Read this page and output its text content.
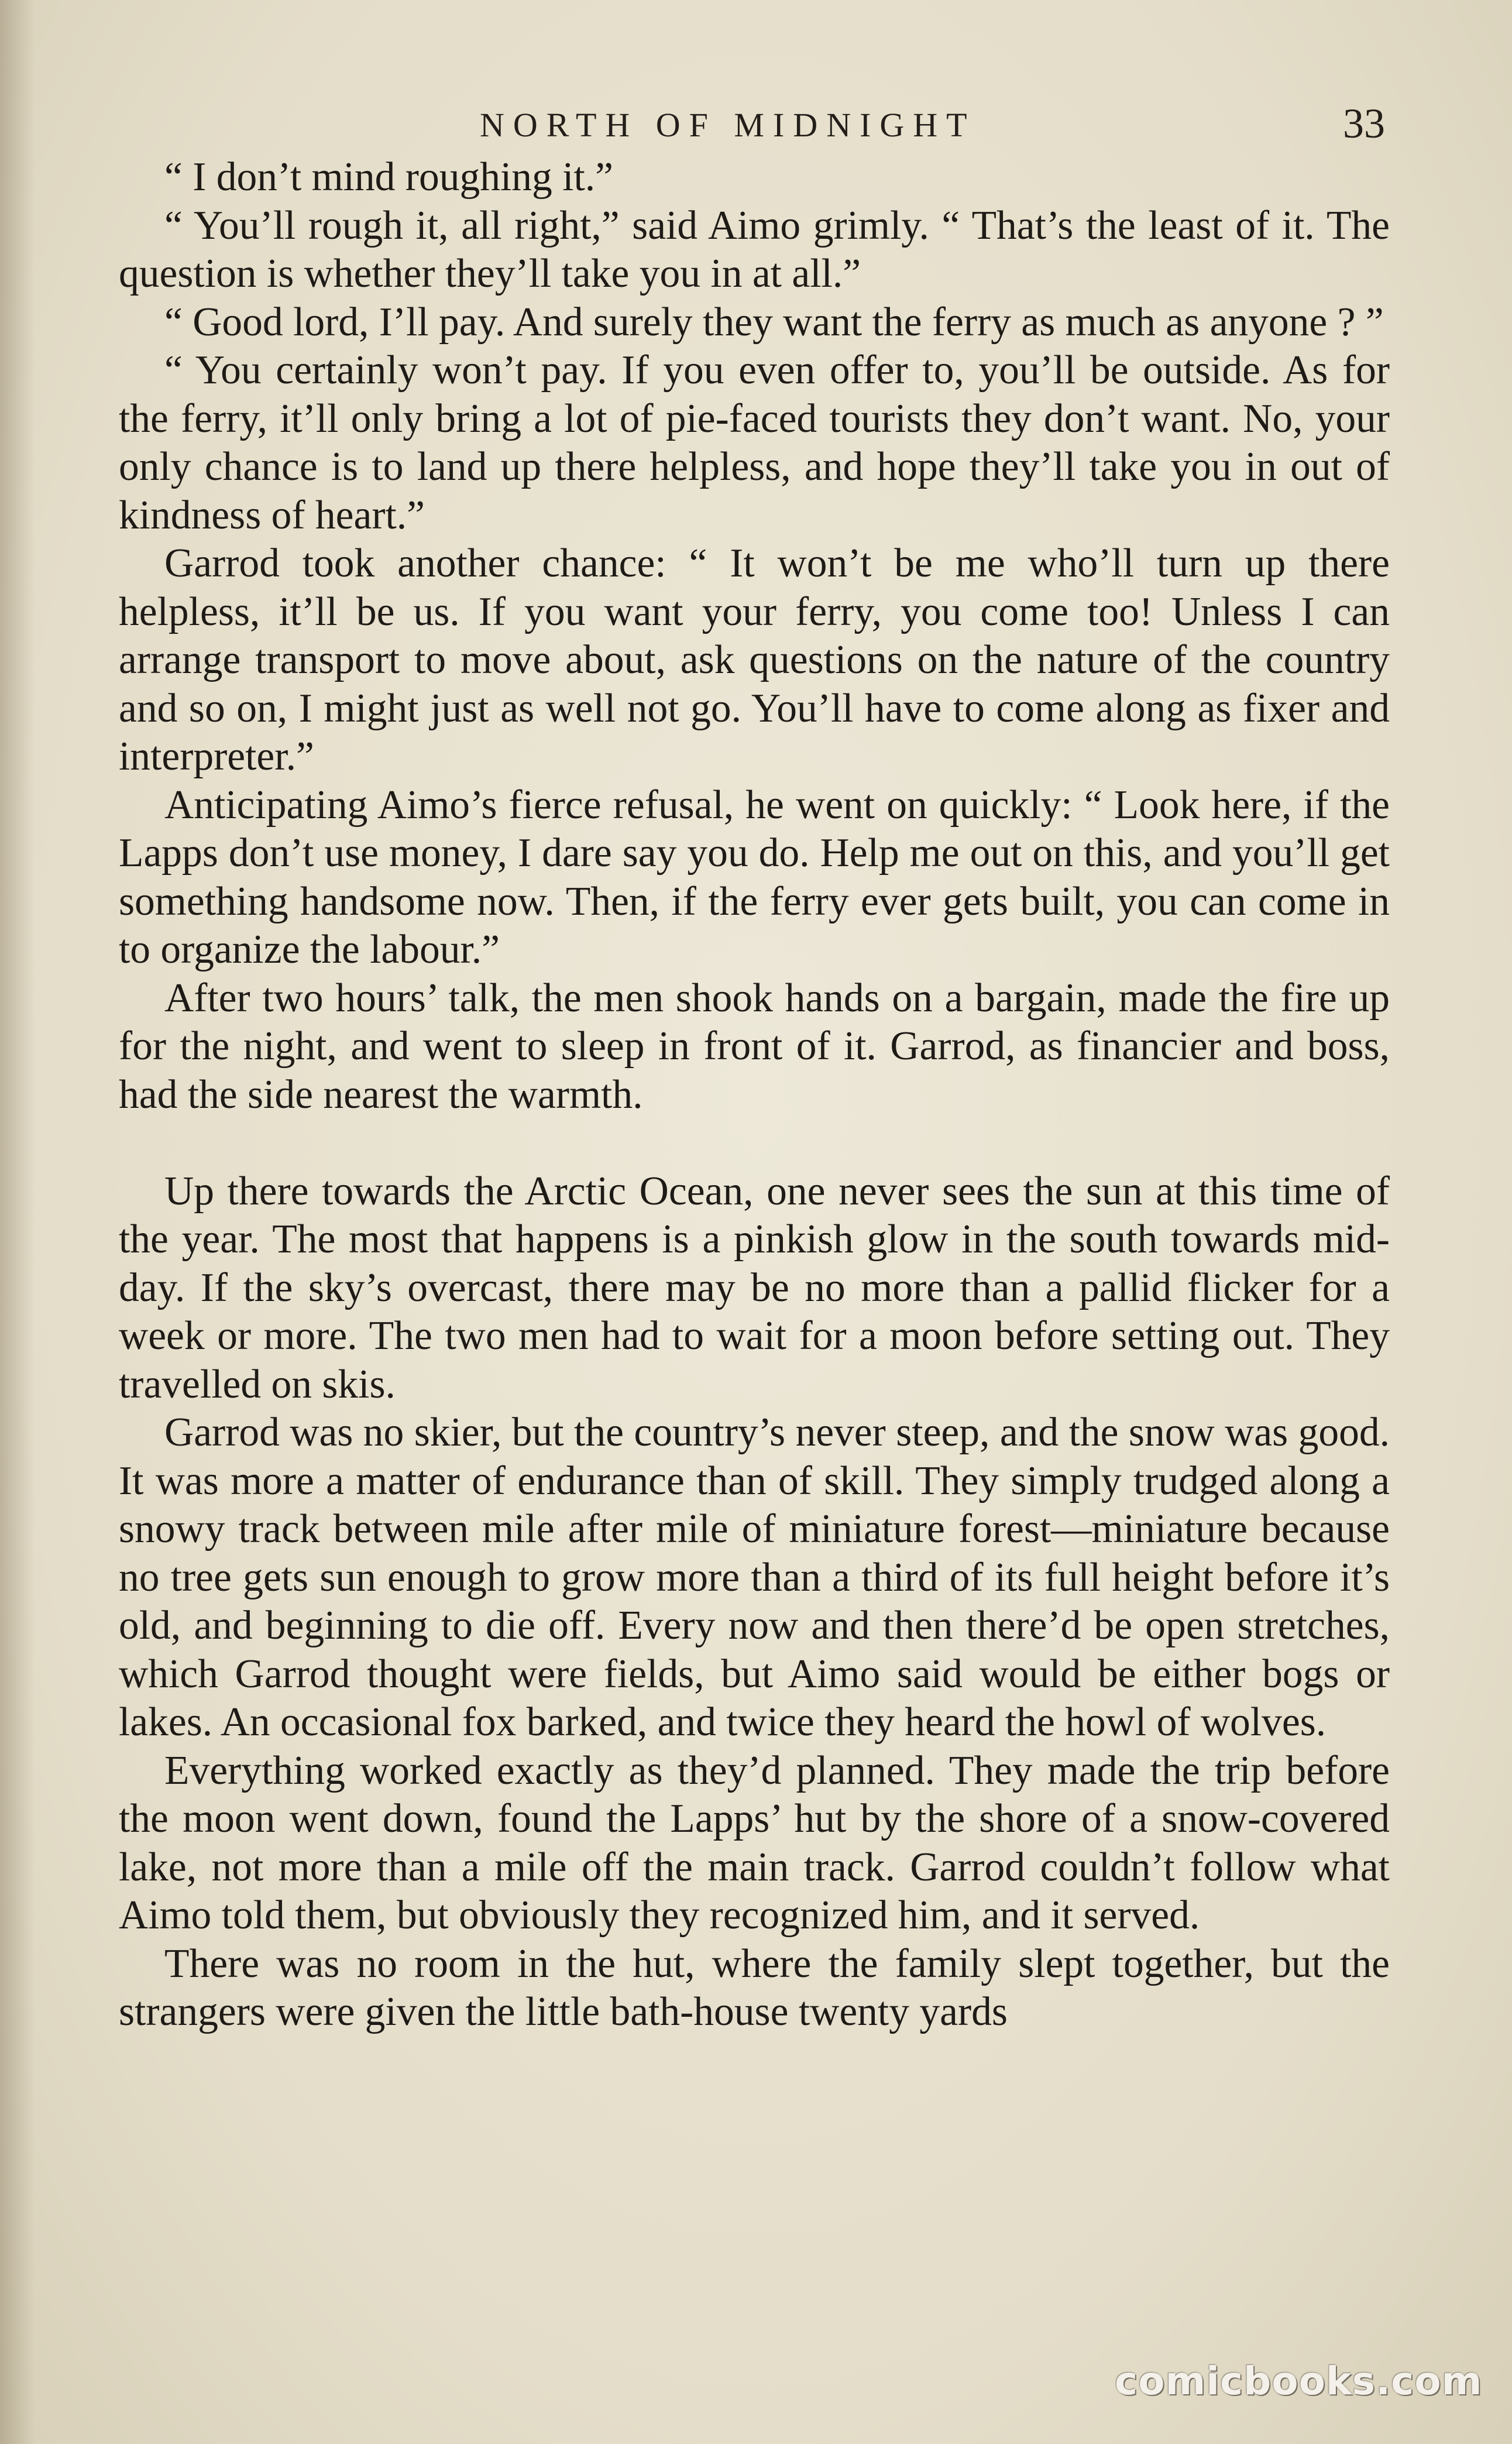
NORTH OF MIDNIGHT	33

“ I don’t mind roughing it.”

“ You’ll rough it, all right,” said Aimo grimly. “ That’s the least of it. The question is whether they’ll take you in at all.”

“ Good lord, I’ll pay. And surely they want the ferry as much as anyone ? ”

“ You certainly won’t pay. If you even offer to, you’ll be outside. As for the ferry, it’ll only bring a lot of pie-faced tourists they don’t want. No, your only chance is to land up there helpless, and hope they’ll take you in out of kindness of heart.”

Garrod took another chance: “ It won’t be me who’ll turn up there helpless, it’ll be us. If you want your ferry, you come too! Unless I can arrange transport to move about, ask questions on the nature of the country and so on, I might just as well not go. You’ll have to come along as fixer and interpreter.”

Anticipating Aimo’s fierce refusal, he went on quickly: “ Look here, if the Lapps don’t use money, I dare say you do. Help me out on this, and you’ll get something handsome now. Then, if the ferry ever gets built, you can come in to organize the labour.”

After two hours’ talk, the men shook hands on a bargain, made the fire up for the night, and went to sleep in front of it. Garrod, as financier and boss, had the side nearest the warmth.

Up there towards the Arctic Ocean, one never sees the sun at this time of the year. The most that happens is a pinkish glow in the south towards mid-day. If the sky’s overcast, there may be no more than a pallid flicker for a week or more. The two men had to wait for a moon before setting out. They travelled on skis.

Garrod was no skier, but the country’s never steep, and the snow was good. It was more a matter of endurance than of skill. They simply trudged along a snowy track between mile after mile of miniature forest—miniature because no tree gets sun enough to grow more than a third of its full height before it’s old, and beginning to die off. Every now and then there’d be open stretches, which Garrod thought were fields, but Aimo said would be either bogs or lakes. An occasional fox barked, and twice they heard the howl of wolves.

Everything worked exactly as they’d planned. They made the trip before the moon went down, found the Lapps’ hut by the shore of a snow-covered lake, not more than a mile off the main track. Garrod couldn’t follow what Aimo told them, but obviously they recognized him, and it served.

There was no room in the hut, where the family slept together, but the strangers were given the little bath-house twenty yards

comicbooks.com
